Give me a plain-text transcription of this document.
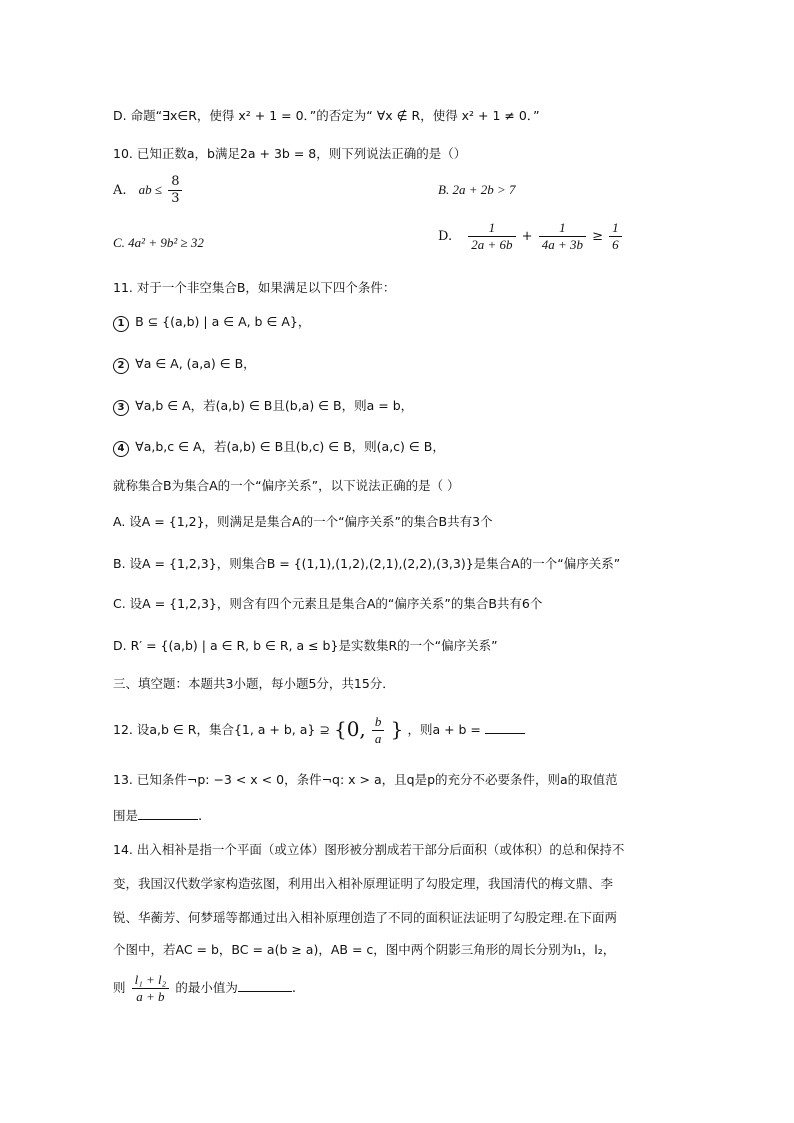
D. 命题“∃x∈R，使得 x² + 1 = 0．”的否定为“ ∀x ∉ R，使得 x² + 1 ≠ 0．”
10. 已知正数a，b满足2a + 3b = 8，则下列说法正确的是（）
A. ab ≤ $\frac{8}{3}$	B. 2a + 2b > 7
C. 4a² + 9b² ≥ 32	D. $\frac{1}{2a + 6b} + \frac{1}{4a + 3b} \ge \frac{1}{6}$
11. 对于一个非空集合B，如果满足以下四个条件：
1 B ⊆ {(a,b) | a ∈ A, b ∈ A}，
2 ∀a ∈ A, (a,a) ∈ B，
3 ∀a,b ∈ A，若(a,b) ∈ B且(b,a) ∈ B，则a = b，
4 ∀a,b,c ∈ A，若(a,b) ∈ B且(b,c) ∈ B，则(a,c) ∈ B，
就称集合B为集合A的一个“偏序关系”，以下说法正确的是（ ）
A. 设A = {1,2}，则满足是集合A的一个“偏序关系”的集合B共有3个
B. 设A = {1,2,3}，则集合B = {(1,1),(1,2),(2,1),(2,2),(3,3)}是集合A的一个“偏序关系”
C. 设A = {1,2,3}，则含有四个元素且是集合A的“偏序关系”的集合B共有6个
D. R′ = {(a,b) | a ∈ R, b ∈ R, a ≤ b}是实数集R的一个“偏序关系”
三、填空题：本题共3小题，每小题5分，共15分．
12. 设a,b ∈ R，集合{1, a + b, a} ⊇ {0, $\frac{b}{a}$ } ，则a + b =
13. 已知条件¬p: −3 < x < 0，条件¬q: x > a，且q是p的充分不必要条件，则a的取值范
围是	.
14. 出入相补是指一个平面（或立体）图形被分割成若干部分后面积（或体积）的总和保持不
变，我国汉代数学家构造弦图，利用出入相补原理证明了勾股定理，我国清代的梅文鼎、李
锐、华蘅芳、何梦瑶等都通过出入相补原理创造了不同的面积证法证明了勾股定理.在下面两
个图中，若AC = b，BC = a(b ≥ a)，AB = c，图中两个阴影三角形的周长分别为l₁，l₂，
则 $\frac{\text{l₁ + l₂}}{a + b}$ 的最小值为	.
